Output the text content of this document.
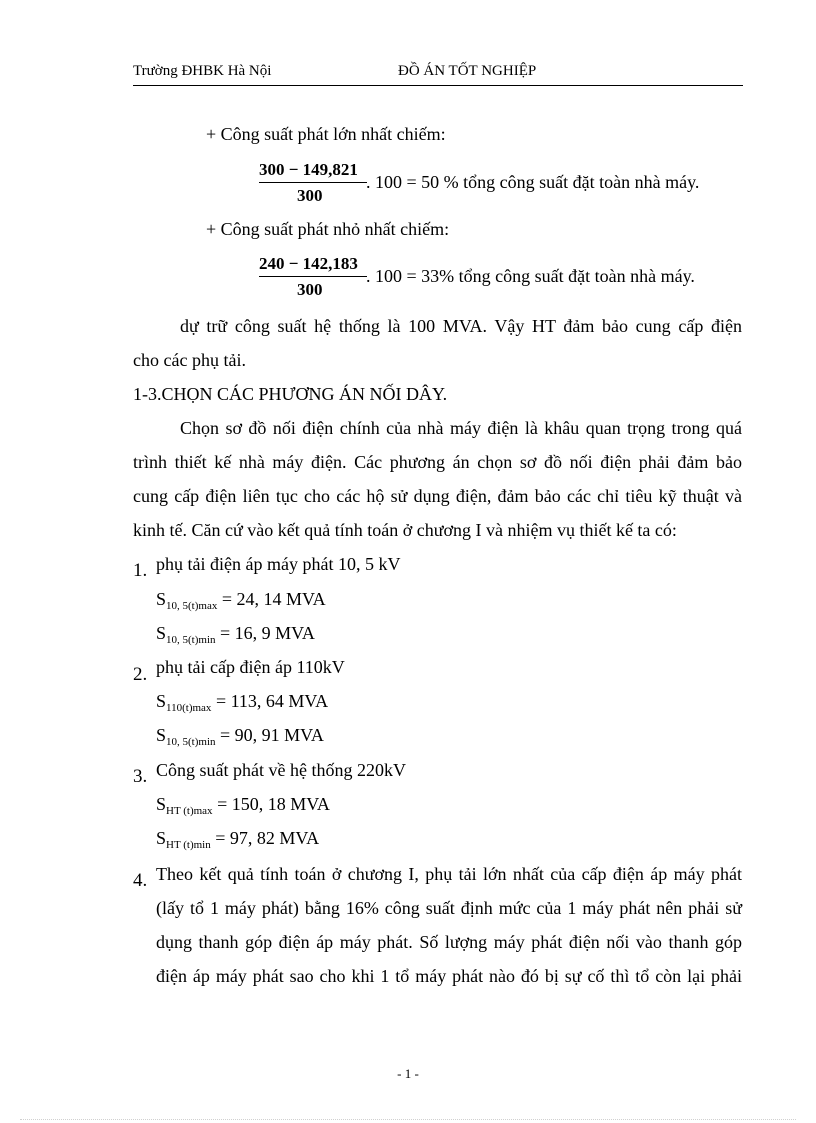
Trường ĐHBK Hà Nội	ĐỒ ÁN TỐT NGHIỆP
+ Công suất phát lớn nhất chiếm:
300 − 149,821
300
. 100 = 50 % tổng công suất đặt toàn nhà máy.
+ Công suất phát nhỏ nhất chiếm:
240 − 142,183
300
. 100 = 33% tổng công suất đặt toàn nhà máy.
dự trữ công suất hệ thống là 100 MVA. Vậy HT đảm bảo cung cấp điện
cho các phụ tải.
1-3.CHỌN CÁC PHƯƠNG ÁN NỐI DÂY.
Chọn sơ đồ nối điện chính của nhà máy điện là khâu quan trọng trong quá
trình thiết kế nhà máy điện. Các phương án chọn sơ đồ nối điện phải đảm bảo
cung cấp điện liên tục cho các hộ sử dụng điện, đảm bảo các chỉ tiêu kỹ thuật và
kinh tế. Căn cứ vào kết quả tính toán ở chương I và nhiệm vụ thiết kế ta có:
1. phụ tải điện áp máy phát 10, 5 kV
$S_{10, 5(t)max} = 24$, 14 MVA
$S_{10, 5(t)min} = 16$, 9 MVA
2. phụ tải cấp điện áp 110kV
$S_{110(t)max} = 113$, 64 MVA
$S_{10, 5(t)min} = 90$, 91 MVA
3. Công suất phát về hệ thống 220kV
$S_{HT (t)max} = 150$, 18 MVA
$S_{HT (t)min} = 97$, 82 MVA
4. Theo kết quả tính toán ở chương I, phụ tải lớn nhất của cấp điện áp máy phát
(lấy tổ 1 máy phát) bằng 16% công suất định mức của 1 máy phát nên phải sử
dụng thanh góp điện áp máy phát. Số lượng máy phát điện nối vào thanh góp
điện áp máy phát sao cho khi 1 tổ máy phát nào đó bị sự cố thì tổ còn lại phải
- 1 -
